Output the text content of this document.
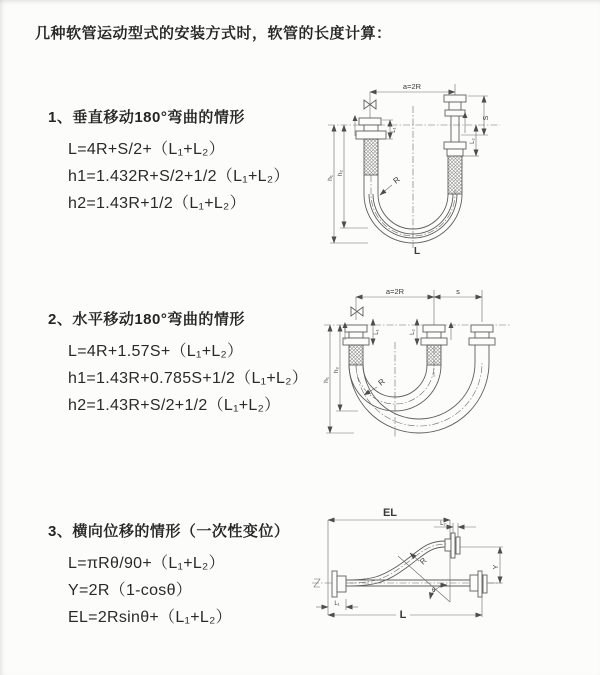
几种软管运动型式的安装方式时，软管的长度计算：
1、垂直移动180°弯曲的情形
L=4R+S/2+（L₁+L₂）
h1=1.432R+S/2+1/2（L₁+L₂）
h2=1.43R+1/2（L₁+L₂）
2、水平移动180°弯曲的情形
L=4R+1.57S+（L₁+L₂）
h1=1.43R+0.785S+1/2（L₁+L₂）
h2=1.43R+S/2+1/2（L₁+L₂）
3、横向位移的情形（一次性变位）
L=πRθ/90+（L₁+L₂）
Y=2R（1-cosθ）
EL=2Rsinθ+（L₁+L₂）
a=2R
R
S
L₂
L₁
h₁
h₂
L
a=2R	s
L₁	L₂
R
h₁
h₂
EL
L₂
Y
R
θ
L₁
L
